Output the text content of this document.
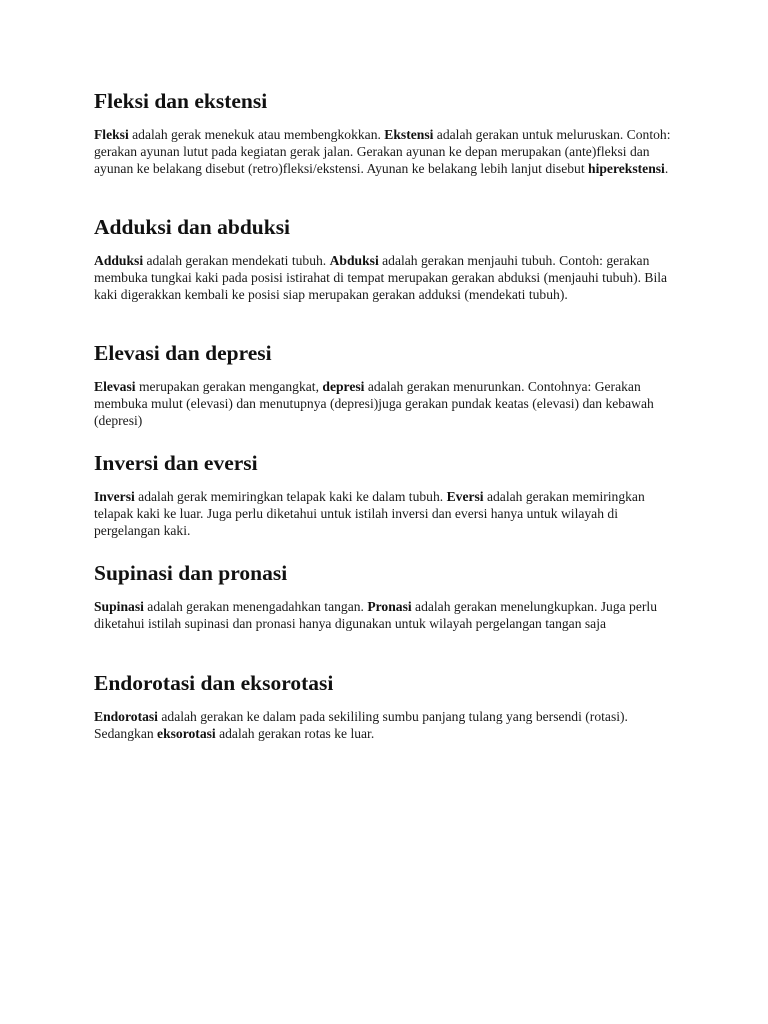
Fleksi dan ekstensi

Fleksi adalah gerak menekuk atau membengkokkan. Ekstensi adalah gerakan untuk meluruskan. Contoh: gerakan ayunan lutut pada kegiatan gerak jalan. Gerakan ayunan ke depan merupakan (ante)fleksi dan ayunan ke belakang disebut (retro)fleksi/ekstensi. Ayunan ke belakang lebih lanjut disebut hiperekstensi.

Adduksi dan abduksi

Adduksi adalah gerakan mendekati tubuh. Abduksi adalah gerakan menjauhi tubuh. Contoh: gerakan membuka tungkai kaki pada posisi istirahat di tempat merupakan gerakan abduksi (menjauhi tubuh). Bila kaki digerakkan kembali ke posisi siap merupakan gerakan adduksi (mendekati tubuh).

Elevasi dan depresi

Elevasi merupakan gerakan mengangkat, depresi adalah gerakan menurunkan. Contohnya: Gerakan membuka mulut (elevasi) dan menutupnya (depresi)juga gerakan pundak keatas (elevasi) dan kebawah (depresi)

Inversi dan eversi

Inversi adalah gerak memiringkan telapak kaki ke dalam tubuh. Eversi adalah gerakan memiringkan telapak kaki ke luar. Juga perlu diketahui untuk istilah inversi dan eversi hanya untuk wilayah di pergelangan kaki.

Supinasi dan pronasi

Supinasi adalah gerakan menengadahkan tangan. Pronasi adalah gerakan menelungkupkan. Juga perlu diketahui istilah supinasi dan pronasi hanya digunakan untuk wilayah pergelangan tangan saja

Endorotasi dan eksorotasi

Endorotasi adalah gerakan ke dalam pada sekililing sumbu panjang tulang yang bersendi (rotasi). Sedangkan eksorotasi adalah gerakan rotas ke luar.
